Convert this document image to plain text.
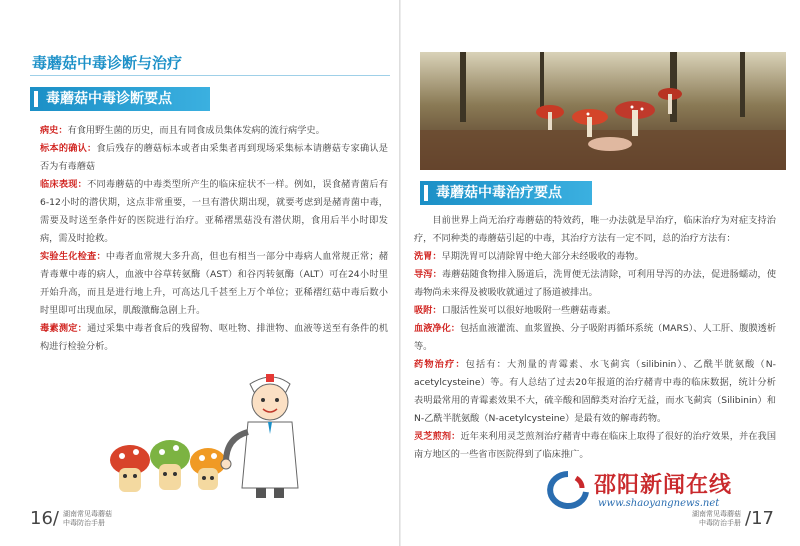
毒蘑菇中毒诊断与治疗
毒蘑菇中毒诊断要点

病史：有食用野生菌的历史，而且有同食成员集体发病的流行病学史。

标本的确认：食后残存的蘑菇标本或者由采集者再到现场采集标本请蘑菇专家确认是否为有毒蘑菇

临床表现：不同毒蘑菇的中毒类型所产生的临床症状不一样。例如，误食赭青菌后有6-12小时的潜伏期，这点非常重要，一旦有潜伏期出现，就要考虑到是赭青菌中毒，需要及时送至条件好的医院进行治疗。亚稀褶黑菇没有潜伏期，食用后半小时即发病，需及时抢救。

实验生化检查：中毒者血常规大多升高，但也有相当一部分中毒病人血常规正常；赭青毒蕈中毒的病人，血液中谷草转氨酶（AST）和谷丙转氨酶（ALT）可在24小时里开始升高，而且是进行地上升，可高达几千甚至上万个单位；亚稀褶红菇中毒后数小时里即可出现血尿，肌酸激酶急剧上升。

毒素测定：通过采集中毒者食后的残留物、呕吐物、排泄物、血液等送至有条件的机构进行检验分析。

16/ 湖南常见毒蘑菇
中毒防治手册
毒蘑菇中毒治疗要点

目前世界上尚无治疗毒蘑菇的特效药，唯一办法就是早治疗，临床治疗为对症支持治疗，不同种类的毒蘑菇引起的中毒，其治疗方法有一定不同，总的治疗方法有：

洗胃：早期洗胃可以清除胃中绝大部分未经吸收的毒物。

导泻：毒蘑菇随食物排入肠道后，洗胃便无法清除，可利用导泻的办法，促进肠蠕动，使毒物尚未来得及被吸收就通过了肠道被排出。

吸附：口服活性炭可以很好地吸附一些蘑菇毒素。

血液净化：包括血液灌流、血浆置换、分子吸附再循环系统（MARS）、人工肝、腹膜透析等。

药物治疗：包括有：大剂量的青霉素、水飞蓟宾（silibinin）、乙酰半胱氨酸（N-acetylcysteine）等。有人总结了过去20年报道的治疗赭青中毒的临床数据，统计分析表明最常用的青霉素效果不大，硫辛酸和固醇类对治疗无益，而水飞蓟宾（Silibinin）和N-乙酰半胱氨酸（N-acetylcysteine）是最有效的解毒药物。

灵芝煎剂：近年来利用灵芝煎剂治疗赭青中毒在临床上取得了很好的治疗效果，并在我国南方地区的一些省市医院得到了临床推广。

湖南常见毒蘑菇
中毒防治手册 /17
邵阳新闻在线
www.shaoyangnews.net
